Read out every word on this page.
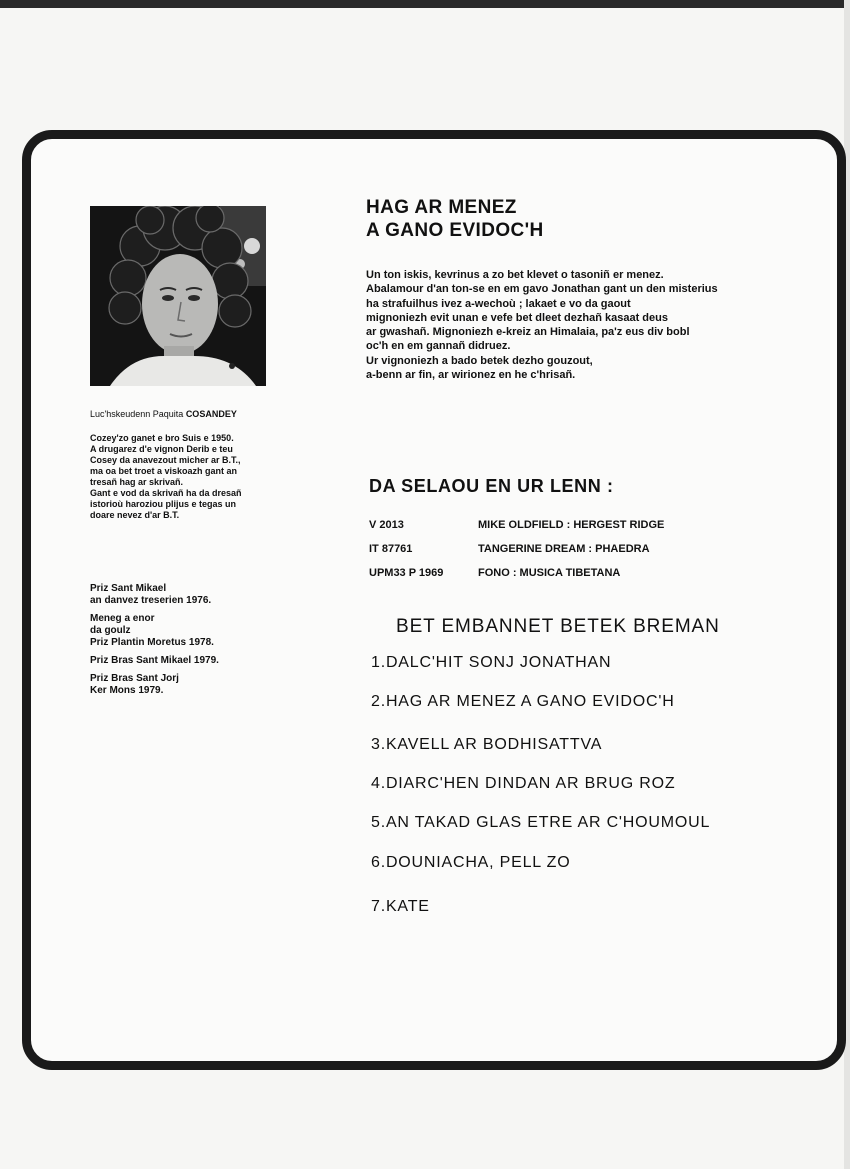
Luc'hskeudenn Paquita COSANDEY
Cozey'zo ganet e bro Suis e 1950.
A drugarez d'e vignon Derib e teu
Cosey da anavezout micher ar B.T.,
ma oa bet troet a viskoazh gant an
tresañ hag ar skrivañ.
Gant e vod da skrivañ ha da dresañ
istorioù haroziou plijus e tegas un
doare nevez d'ar B.T.

Priz Sant Mikael
an danvez treserien 1976.

Meneg a enor
da goulz
Priz Plantin Moretus 1978.

Priz Bras Sant Mikael 1979.

Priz Bras Sant Jorj
Ker Mons 1979.

HAG AR MENEZ
A GANO EVIDOC'H
Un ton iskis, kevrinus a zo bet klevet o tasoniñ er menez.
Abalamour d'an ton-se en em gavo Jonathan gant un den misterius
ha strafuilhus ivez a-wechoù ; lakaet e vo da gaout
mignoniezh evit unan e vefe bet dleet dezhañ kasaat deus
ar gwashañ. Mignoniezh e-kreiz an Himalaia, pa'z eus div bobl
oc'h en em gannañ didruez.
Ur vignoniezh a bado betek dezho gouzout,
a-benn ar fin, ar wirionez en he c'hrisañ.
DA SELAOU EN UR LENN :
V 2013	MIKE OLDFIELD : HERGEST RIDGE
IT 87761	TANGERINE DREAM : PHAEDRA
UPM33 P 1969	FONO : MUSICA TIBETANA
BET EMBANNET BETEK BREMAN
1.DALC'HIT SONJ JONATHAN
2.HAG AR MENEZ A GANO EVIDOC'H
3.KAVELL AR BODHISATTVA
4.DIARC'HEN DINDAN AR BRUG ROZ
5.AN TAKAD GLAS ETRE AR C'HOUMOUL
6.DOUNIACHA, PELL ZO
7.KATE
